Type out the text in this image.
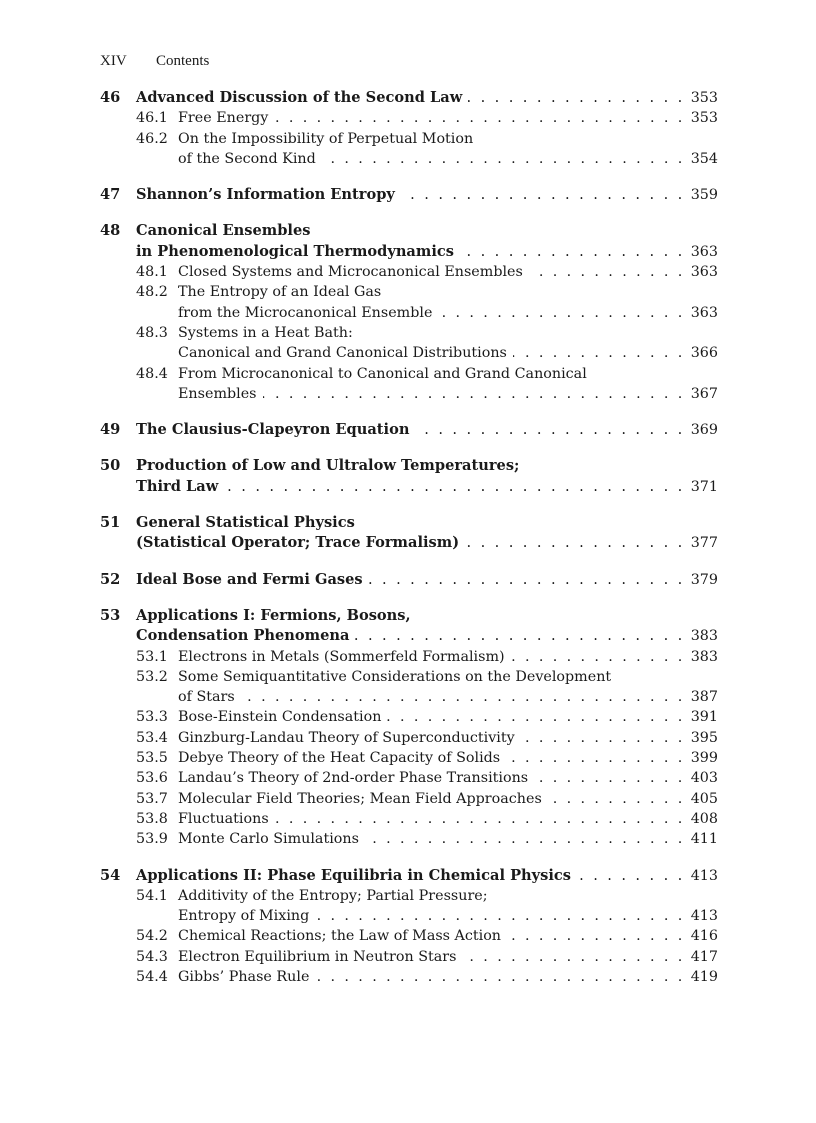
XIV Contents
46	Advanced Discussion of the Second Law . . .	353
46.1 Free Energy . . .	353
46.2 On the Impossibility of Perpetual Motion
of the Second Kind . . .	354
47	Shannon’s Information Entropy . . .	359
48	Canonical Ensembles
in Phenomenological Thermodynamics . . .	363
48.1 Closed Systems and Microcanonical Ensembles . . .	363
48.2 The Entropy of an Ideal Gas
from the Microcanonical Ensemble . . .	363
48.3 Systems in a Heat Bath:
Canonical and Grand Canonical Distributions . . .	366
48.4 From Microcanonical to Canonical and Grand Canonical
Ensembles . . .	367
49	The Clausius-Clapeyron Equation . . .	369
50	Production of Low and Ultralow Temperatures;
Third Law . . .	371
51	General Statistical Physics
(Statistical Operator; Trace Formalism) . . .	377
52	Ideal Bose and Fermi Gases . . .	379
53	Applications I: Fermions, Bosons,
Condensation Phenomena . . .	383
53.1 Electrons in Metals (Sommerfeld Formalism) . . .	383
53.2 Some Semiquantitative Considerations on the Development
of Stars . . .	387
53.3 Bose-Einstein Condensation . . .	391
53.4 Ginzburg-Landau Theory of Superconductivity . . .	395
53.5 Debye Theory of the Heat Capacity of Solids . . .	399
53.6 Landau’s Theory of 2nd-order Phase Transitions . . .	403
53.7 Molecular Field Theories; Mean Field Approaches . . .	405
53.8 Fluctuations . . .	408
53.9 Monte Carlo Simulations . . .	411
54	Applications II: Phase Equilibria in Chemical Physics . . .	413
54.1 Additivity of the Entropy; Partial Pressure;
Entropy of Mixing . . .	413
54.2 Chemical Reactions; the Law of Mass Action . . .	416
54.3 Electron Equilibrium in Neutron Stars . . .	417
54.4 Gibbs’ Phase Rule . . .	419
